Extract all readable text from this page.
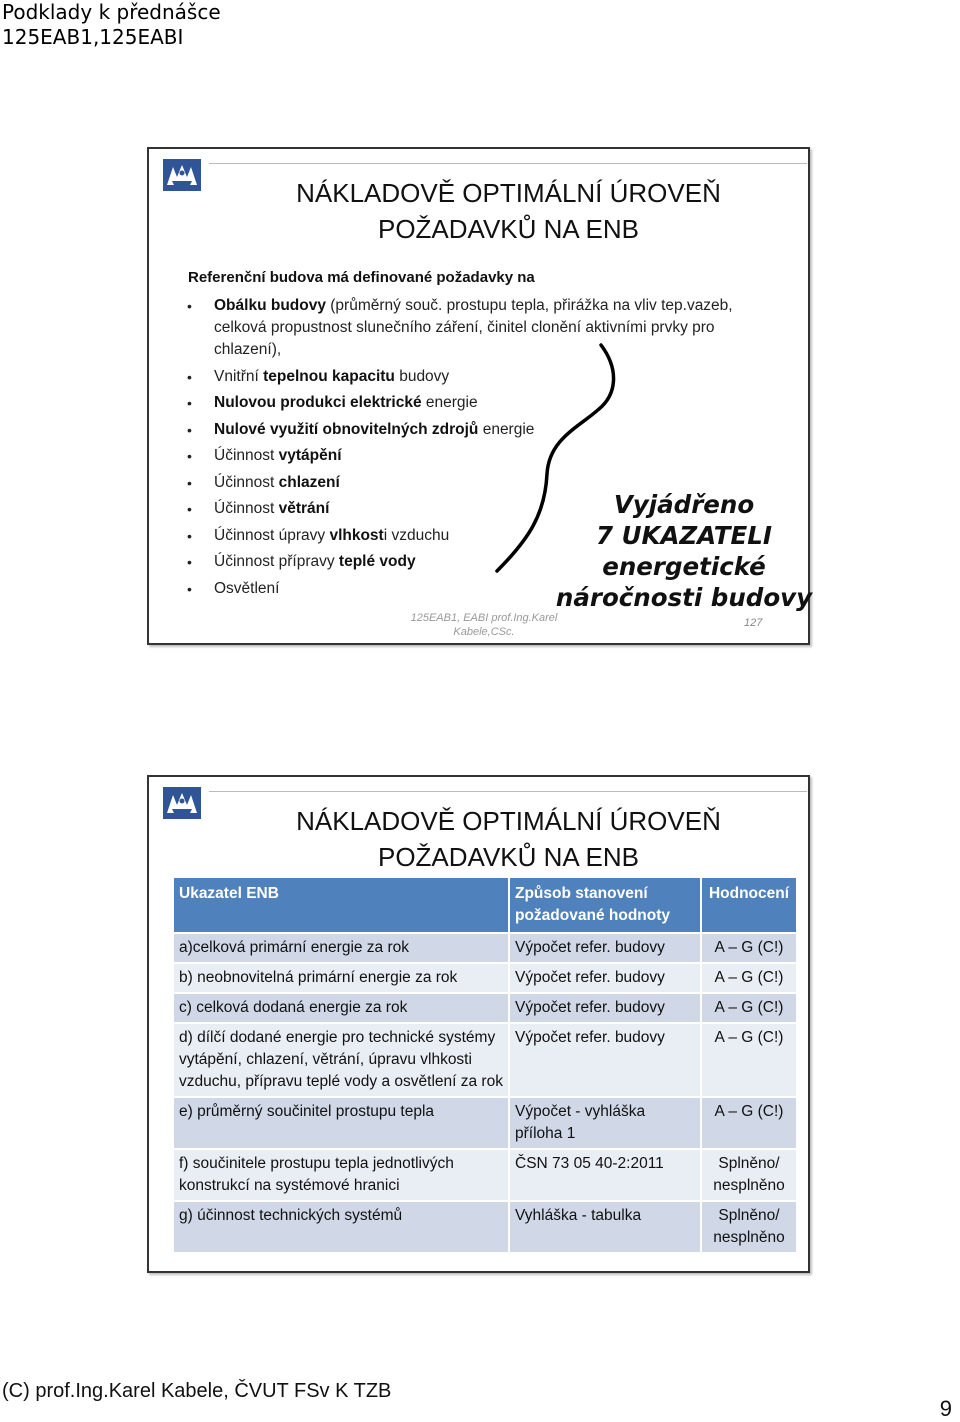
Podklady k přednášce
125EAB1,125EABI
NÁKLADOVĚ OPTIMÁLNÍ ÚROVEŇ
POŽADAVKŮ NA ENB
Referenční budova má definované požadavky na
• Obálku budovy (průměrný souč. prostupu tepla, přirážka na vliv tep.vazeb, celková propustnost slunečního záření, činitel clonění aktivními prvky pro chlazení),
• Vnitřní tepelnou kapacitu budovy
• Nulovou produkci elektrické energie
• Nulové využití obnovitelných zdrojů energie
• Účinnost vytápění
• Účinnost chlazení
• Účinnost větrání
• Účinnost úpravy vlhkosti vzduchu
• Účinnost přípravy teplé vody
• Osvětlení
Vyjádřeno
7 UKAZATELI
energetické
náročnosti budovy
125EAB1, EABI prof.Ing.Karel
Kabele,CSc.
127
NÁKLADOVĚ OPTIMÁLNÍ ÚROVEŇ
POŽADAVKŮ NA ENB
Ukazatel ENB	Způsob stanovení požadované hodnoty	Hodnocení
a)celková primární energie za rok	Výpočet refer. budovy	A – G (C!)
b) neobnovitelná primární energie za rok	Výpočet refer. budovy	A – G (C!)
c) celková dodaná energie za rok	Výpočet refer. budovy	A – G (C!)
d) dílčí dodané energie pro technické systémy vytápění, chlazení, větrání, úpravu vlhkosti vzduchu, přípravu teplé vody a osvětlení za rok	Výpočet refer. budovy	A – G (C!)
e) průměrný součinitel prostupu tepla	Výpočet - vyhláška příloha 1	A – G (C!)
f) součinitele prostupu tepla jednotlivých konstrukcí na systémové hranici	ČSN 73 05 40-2:2011	Splněno/ nesplněno
g) účinnost technických systémů	Vyhláška - tabulka	Splněno/ nesplněno
(C) prof.Ing.Karel Kabele, ČVUT FSv K TZB
9
